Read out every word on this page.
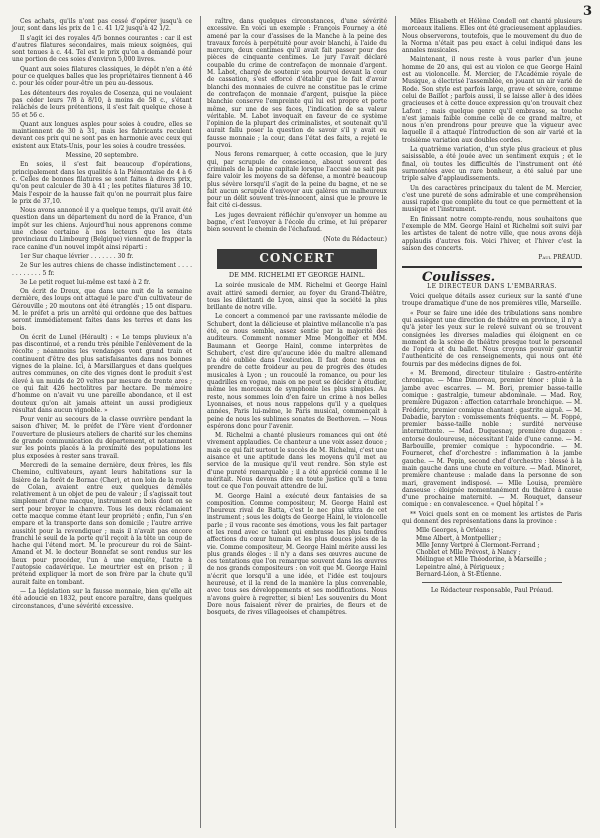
3

Ces achats, qu'ils n'ont pas cessé d'opérer jusqu'à ce jour, sont dans les prix de 1 c. 41 1/2 jusqu'à 42 1/2.

Il s'agit ici des royales 4/5 bonnes courantes : car il est d'autres filatures secondaires, mais mieux soignées, qui sont tenues à c. 44. Tel est le prix qu'on a demandé pour une portion de ces soies d'environ 5,000 livres.

Quant aux soies filatures classiques, le dépôt n'en a été pour ce quelques balles que les propriétaires tiennent à 46 c. pour les céder pour-être un peu au-dessous.

Les détenteurs des royales de Cosenza, qui ne voulaient pas céder leurs 7/8 à 8/10, à moins de 58 c., s'étant relâchés de leurs prétentions, il s'est fait quelque chose à 55 et 56 c.

Quant aux longues asples pour soies à coudre, elles se maintiennent de 30 à 31, mais les fabricants reculent devant ces prix qui ne sont pas en harmonie avec ceux qui existent aux Etats-Unis, pour les soies à coudre tressées.

Messine, 20 septembre.

En soies, il s'est fait beaucoup d'opérations, principalement dans les qualités à la Piémontaise de 4 à 6 c. Celles de bonnes filatures se sont faites à divers prix, qu'on peut calculer de 30 à 41 ; les petites filatures 38 10. Mais l'espoir de la hausse fait qu'on ne pourrait plus faire le prix de 37,10.

Nous avons annoncé il y a quelque temps, qu'il avait été question dans un département du nord de la France, d'un impôt sur les chiens. Aujourd'hui nous apprenons comme une chose certaine à nos lecteurs que les états provinciaux du Limbourg (Belgique) viennent de frapper la race canine d'un nouvel impôt ainsi réparti :

1er Sur chaque lévrier . . . . . . . 30 fr.

2e Sur les autres chiens de chasse indistinctement . . . . . . . . . . . . 5 fr.

3e Le petit roquet lui-même est taxé à 2 fr.

On écrit de Dreux, que dans une nuit de la semaine dernière, des loups ont attaqué le parc d'un cultivateur de Gérouville ; 20 moutons ont été étranglés ; 15 ont disparu. M. le préfet a pris un arrêté qui ordonne que des battues seront immédiatement faites dans les terres et dans les bois.

On écrit de Lunel (Hérault) : « Le temps pluvieux n'a pas discontinué, et a rendu très pénible l'enlèvement de la récolte ; néanmoins les vendanges vont grand train et continuent d'être des plus satisfaisantes dans nos bonnes vignes de la plaine. Ici, à Marsillargues et dans quelques autres communes, on cite des vignes dont le produit s'est élevé à un muids de 20 veltes par mesure de trente ares ; ce qui fait 426 hectolitres par hectare. De mémoire d'homme on n'avait vu une pareille abondance, et il est douteux qu'on ait jamais atteint un aussi prodigieux résultat dans aucun vignoble. »

Pour venir au secours de la classe ouvrière pendant la saison d'hiver, M. le préfet de l'Yère vient d'ordonner l'ouverture de plusieurs ateliers de charité sur les chemins de grande communication du département, et notamment sur les points placés à la proximité des populations les plus exposées à rester sans travail.

Mercredi de la semaine dernière, deux frères, les fils Chemino, cultivateurs, ayant leurs habitations sur la lisière de la forêt de Bornac (Cher), et non loin de la route de Colan, avaient entre eux quelques démêlés relativement à un objet de peu de valeur ; il s'agissait tout simplement d'une macque, instrument en bois dont on se sert pour broyer le chanvre. Tous les deux réclamaient cette macque comme étant leur propriété ; enfin, l'un s'en empare et la transporte dans son domicile ; l'autre arrive aussitôt pour la revendiquer ; mais il n'avait pas encore franchi le seuil de la porte qu'il reçoit à la tête un coup de hache qui l'étend mort. M. le procureur du roi de Saint-Amand et M. le docteur Bonnefat se sont rendus sur les lieux pour procéder, l'un à une enquête, l'autre à l'autopsie cadavérique. Le meurtrier est en prison ; il prétend expliquer la mort de son frère par la chute qu'il aurait faite en tombant.

— La législation sur la fausse monnaie, bien qu'elle ait été adoucie en 1832, peut encore paraître, dans quelques circonstances, d'une sévérité excessive.

raître, dans quelques circonstances, d'une sévérité excessive. En voici un exemple : François Fourney a été amené par la cour d'assises de la Manche à la peine des travaux forcés à perpétuité pour avoir blanchi, à l'aide du mercure, deux centimes qu'il avait fait passer pour des pièces de cinquante centimes. Le jury l'avait déclaré coupable du crime de contrefaçon de monnaie d'argent. M. Labot, chargé de soutenir son pourvoi devant la cour de cassation, s'est efforcé d'établir que le fait d'avoir blanchi des monnaies de cuivre ne constitue pas le crime de contrefaçon de monnaie d'argent, puisque la pièce blanchie conserve l'empreinte qui lui est propre et porte même, sur une de ses faces, l'indication de sa valeur véritable. M. Labot invoquait en faveur de ce système l'opinion de la plupart des criminalistes, et soutenait qu'il aurait fallu poser la question de savoir s'il y avait eu fausse monnaie ; la cour, dans l'état des faits, a rejeté le pourvoi.

Nous ferons remarquer, à cette occasion, que le jury qui, par scrupule de conscience, absout souvent des criminels de la peine capitale lorsque l'accusé ne sait pas faire valoir les moyens de sa défense, a montré beaucoup plus sévère lorsqu'il s'agit de la peine du bagne, et ne se fait aucun scrupule d'envoyer aux galères un malheureux pour un délit souvent très-innocent, ainsi que le prouve le fait cité ci-dessus.

Les juges devraient réfléchir qu'envoyer un homme au bagne, c'est l'envoyer à l'école du crime, et lui préparer bien souvent le chemin de l'échafaud.

(Note du Rédacteur.)

CONCERT
DE MM. RICHELMI ET GEORGE HAINL.

La soirée musicale de MM. Richelmi et George Hainl avait attiré samedi dernier, au foyer du Grand-Théâtre, tous les dilettanti de Lyon, ainsi que la société la plus brillante de notre ville.

Le concert a commencé par une ravissante mélodie de Schubert, dont la délicieuse et plaintive mélancolie n'a pas été, ce nous semble, assez sentie par la majorité des auditeurs. Comment nommer Mme Mongolfier et MM. Baumann et George Hainl, comme interprètes de Schubert, c'est dire qu'aucune idée du maître allemand n'a été oubliée dans l'exécution. Il faut donc nous en prendre de cette froideur au peu de progrès des études musicales à Lyon ; un roucoulé la romance, ou pour les quadrilles en vogue, mais on ne peut se décider à étudier, même les morceaux de symphonie les plus simples. Au reste, nous sommes loin d'en faire un crime à nos belles Lyonnaises, et nous nous rappelons qu'il y a quelques années, Paris lui-même, le Paris musical, commençait à peine de nous les sublimes sonates de Beethoven. — Nous espérons donc pour l'avenir.

M. Richelmi a chanté plusieurs romances qui ont été vivement applaudies. Ce chanteur a une voix assez douce ; mais ce qui fait surtout le succès de M. Richelmi, c'est une aisance et une aptitude dans les moyens qu'il met au service de la musique qu'il veut rendre. Son style est d'une pureté remarquable ; il a été apprécié comme il le méritait. Nous devons dire en toute justice qu'il a tenu tout ce que l'on pouvait attendre de lui.

M. George Hainl a exécuté deux fantaisies de sa composition. Comme compositeur, M. George Hainl est l'heureux rival de Batta, c'est le nec plus ultra de cet instrument ; sous les doigts de George Hainl, le violoncelle parle ; il vous raconte ses émotions, vous les fait partager et les rend avec ce talent qui embrasse les plus tendres affections du cœur humain et les plus douces joies de la vie. Comme compositeur, M. George Hainl mérite aussi les plus grands éloges : il n'y a dans ses œuvres aucune de ces tentations que l'on remarque souvent dans les œuvres de nos grands compositeurs : on voit que M. George Hainl n'écrit que lorsqu'il a une idée, et l'idée est toujours heureuse, et il la rend de la manière la plus convenable, avec tous ses développements et ses modifications. Nous n'avons guère à regretter, si bien! Les souvenirs du Mont Dore nous faisaient rêver de prairies, de fleurs et de bosquets, de rives villageoises et champêtres.

Miles Elisabeth et Hélène Condell ont chanté plusieurs morceaux italiens. Elles ont été gracieusement applaudies. Nous observerons, toutefois, que le mouvement du duo de la Norma n'était pas peu exact à celui indiqué dans les annales musicales.

Maintenant, il nous reste à vous parler d'un jeune homme de 20 ans, qui est au violon ce que George Hainl est au violoncelle. M. Mercier, de l'Académie royale de Musique, a électrisé l'assemblée, en jouant un air varié de Rode. Son style est parfois large, grave et sévère, comme celui de Baillot ; parfois aussi, il se laisse aller à des idées gracieuses et à cette douce expression qu'on trouvait chez Lafont ; mais quelque genre qu'il embrasse, sa touche n'est jamais faible comme celle de ce grand maître, et nous n'en prendrons pour preuve que la vigueur avec laquelle il a attaqué l'introduction de son air varié et la troisième variation aux doubles cordes.

La quatrième variation, d'un style plus gracieux et plus saisissable, a été jouée avec un sentiment exquis ; et le final, où toutes les difficultés de l'instrument ont été surmontées avec un rare bonheur, a été salué par une triple salve d'applaudissements.

Un des caractères principaux du talent de M. Mercier, c'est une pureté de sons admirable et une compréhension aussi rapide que complète du tout ce que permettent et la musique et l'instrument.

En finissant notre compte-rendu, nous souhaitons que l'exemple de MM. George Hainl et Richelmi soit suivi par les artistes de talent de notre ville, que nous avons déjà applaudis d'autres fois. Voici l'hiver, et l'hiver c'est la saison des concerts.

Paul PRÉAUD.

Coulisses.
LE DIRECTEUR DANS L'EMBARRAS.

Voici quelque détails assez curieux sur la santé d'une troupe dramatique d'une de nos premières ville, Marseille.

« Pour se faire une idée des tribulations sans nombre qui assiègent une direction de théâtre en province, il n'y a qu'à jeter les yeux sur le relevé suivant où se trouvent consignées les diverses maladies qui éloignent en ce moment de la scène de théâtre presque tout le personnel de l'opéra et du ballet. Nous croyons pouvoir garantir l'authenticité de ces renseignements, qui nous ont été fournis par des médecins dignes de foi.

« M. Bremond, directeur titulaire : Gastro-entérite chronique. — Mme Dimoreau, premier ténor : pluie à la jambe avec escarres. — M. Bori, premier basse-taille comique : gastralgie, tumeur abdominale. — Mad. Roy, première Dugazon : affection catarrhale bronchique. — M. Frédéric, premier comique chantant : gastrite aiguë. — M. Dabadie, baryton : vomissements fréquents. — M. Foppé, premier basse-taille noble : surdité nerveuse intermittente. — Mad. Duquesnay, première dugazon : entorse douloureuse, nécessitant l'aide d'une canne. — M. Barbouille, premier comique : hypocondrie. — M. Fourneret, chef d'orchestre : inflammation à la jambe gauche. — M. Pepin, second chef d'orchestre : blessé à la main gauche dans une chute en voiture. — Mad. Minoret, première chanteuse : malade dans la personne de son mari, gravement indisposé. — Mlle Louisa, première danseuse : éloignée momentanément du théâtre à cause d'une prochaine maternité. — M. Rouquet, danseur comique : en convalescence. « Quel hôpital ! »

** Voici quels sont en ce moment les artistes de Paris qui donnent des représentations dans la province :

Mlle Georges, à Orléans ;
Mme Albert, à Montpellier ;
Mlle Jenny Vertpré à Clermont-Ferrand ;
Choblet et Mlle Prévost, à Nancy ;
Mélingue et Mlle Théodorine, à Marseille ;
Lepeintre aîné, à Périgueux ;
Bernard-Léon, à St-Étienne.

Le Rédacteur responsable, Paul Préaud.
